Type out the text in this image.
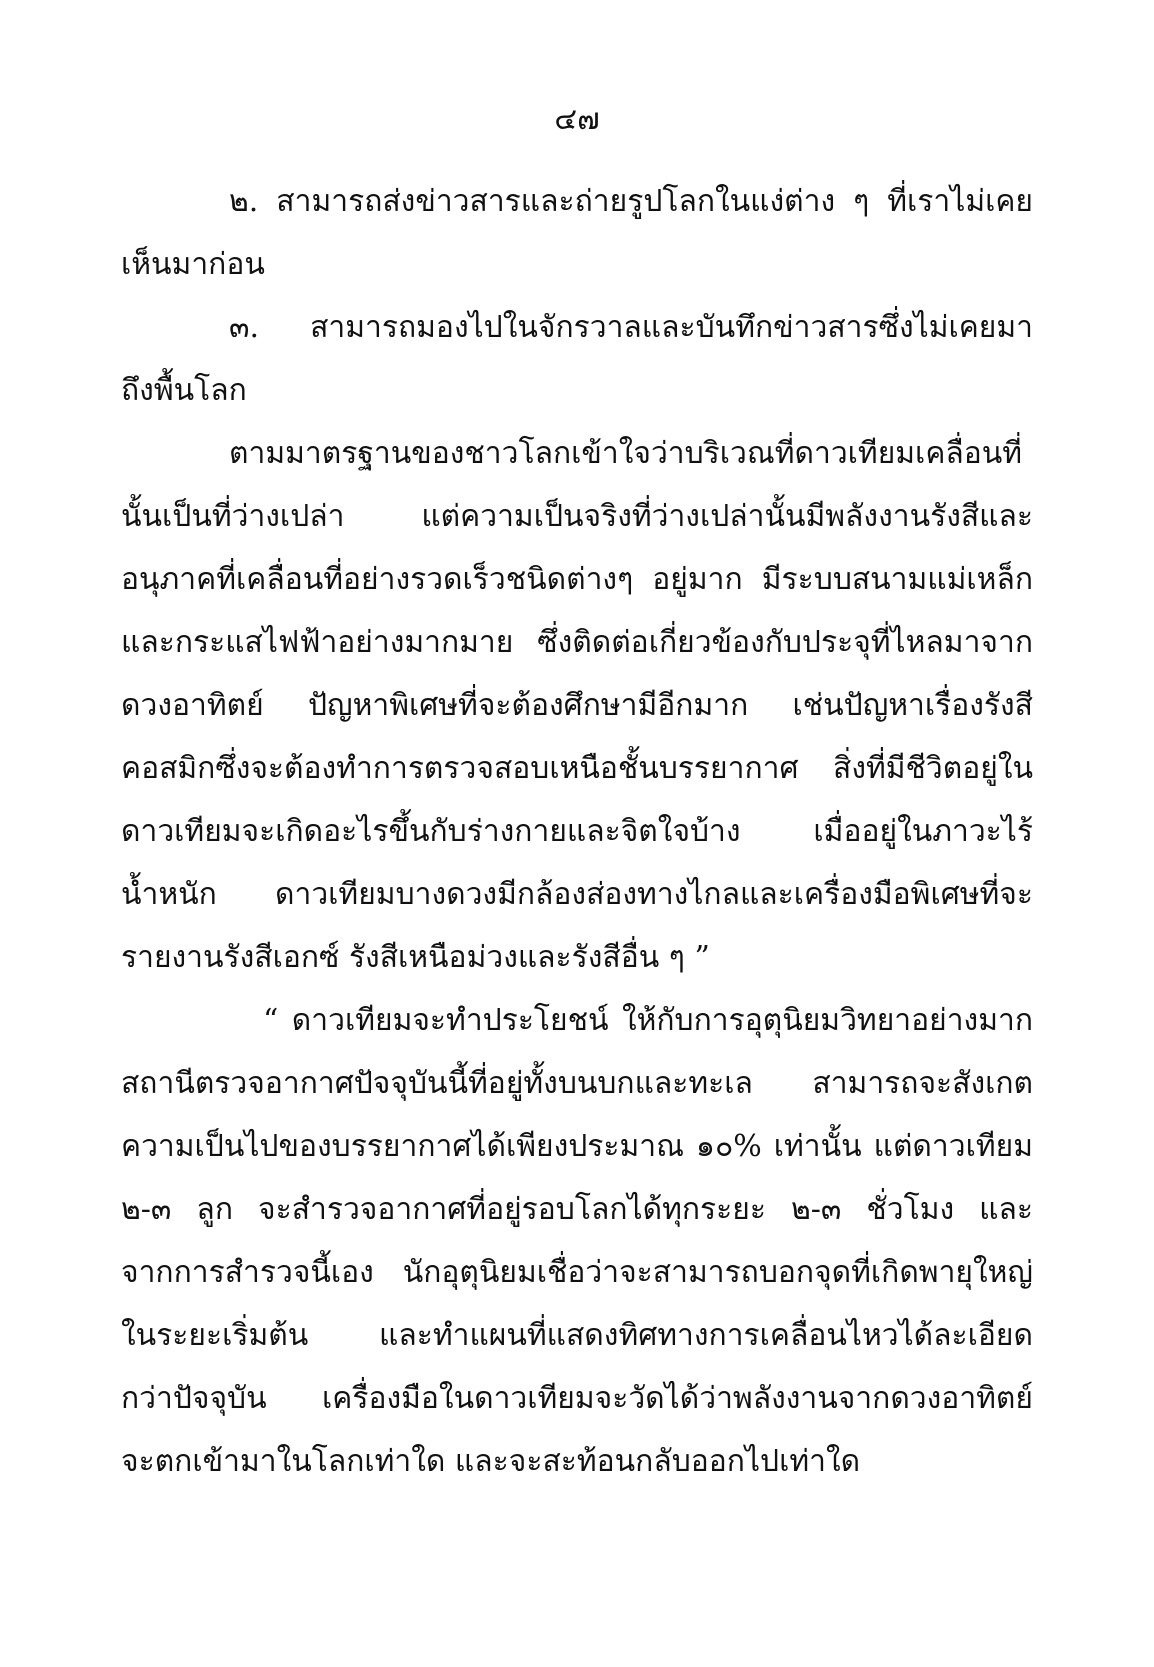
๔๗
๒. สามารถส่งข่าวสารและถ่ายรูปโลกในแง่ต่าง ๆ ที่เราไม่เคย
เห็นมาก่อน
๓. สามารถมองไปในจักรวาลและบันทึกข่าวสารซึ่งไม่เคยมา
ถึงพื้นโลก
ตามมาตรฐานของชาวโลกเข้าใจว่าบริเวณที่ดาวเทียมเคลื่อนที่
นั้นเป็นที่ว่างเปล่า แต่ความเป็นจริงที่ว่างเปล่านั้นมีพลังงานรังสีและ
อนุภาคที่เคลื่อนที่อย่างรวดเร็วชนิดต่างๆ อยู่มาก มีระบบสนามแม่เหล็ก
และกระแสไฟฟ้าอย่างมากมาย ซึ่งติดต่อเกี่ยวข้องกับประจุที่ไหลมาจาก
ดวงอาทิตย์ ปัญหาพิเศษที่จะต้องศึกษามีอีกมาก เช่นปัญหาเรื่องรังสี
คอสมิกซึ่งจะต้องทำการตรวจสอบเหนือชั้นบรรยากาศ สิ่งที่มีชีวิตอยู่ใน
ดาวเทียมจะเกิดอะไรขึ้นกับร่างกายและจิตใจบ้าง เมื่ออยู่ในภาวะไร้
น้ำหนัก ดาวเทียมบางดวงมีกล้องส่องทางไกลและเครื่องมือพิเศษที่จะ
รายงานรังสีเอกซ์ รังสีเหนือม่วงและรังสีอื่น ๆ ”
“ ดาวเทียมจะทำประโยชน์ ให้กับการอุตุนิยมวิทยาอย่างมาก
สถานีตรวจอากาศปัจจุบันนี้ที่อยู่ทั้งบนบกและทะเล สามารถจะสังเกต
ความเป็นไปของบรรยากาศได้เพียงประมาณ ๑๐% เท่านั้น แต่ดาวเทียม
๒-๓ ลูก จะสำรวจอากาศที่อยู่รอบโลกได้ทุกระยะ ๒-๓ ชั่วโมง และ
จากการสำรวจนี้เอง นักอุตุนิยมเชื่อว่าจะสามารถบอกจุดที่เกิดพายุใหญ่
ในระยะเริ่มต้น และทำแผนที่แสดงทิศทางการเคลื่อนไหวได้ละเอียด
กว่าปัจจุบัน เครื่องมือในดาวเทียมจะวัดได้ว่าพลังงานจากดวงอาทิตย์
จะตกเข้ามาในโลกเท่าใด และจะสะท้อนกลับออกไปเท่าใด
